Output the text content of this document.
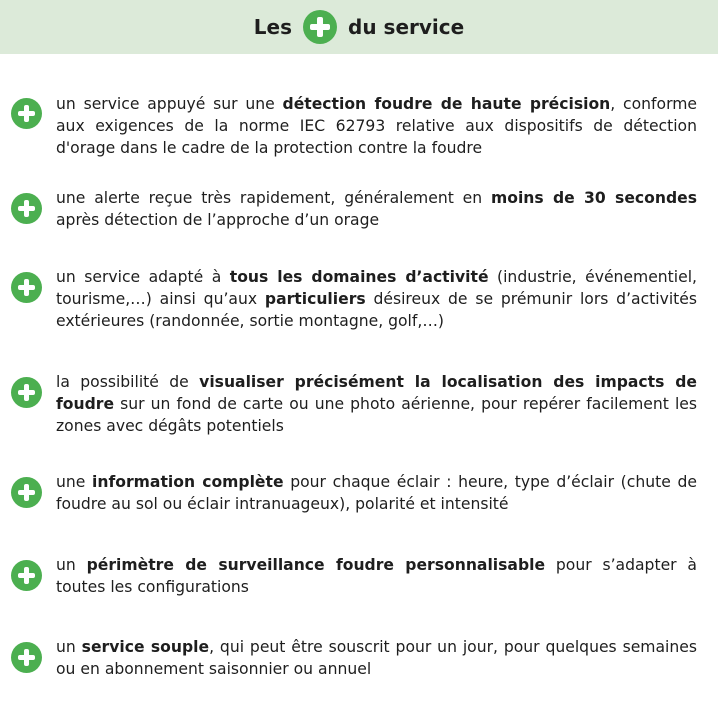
Les	du service
un service appuyé sur une détection foudre de haute précision, conforme aux exigences de la norme IEC 62793 relative aux dispositifs de détection d'orage dans le cadre de la protection contre la foudre
une alerte reçue très rapidement, généralement en moins de 30 secondes après détection de l’approche d’un orage
un service adapté à tous les domaines d’activité (industrie, événementiel, tourisme,…) ainsi qu’aux particuliers désireux de se prémunir lors d’activités extérieures (randonnée, sortie montagne, golf,…)
la possibilité de visualiser précisément la localisation des impacts de foudre sur un fond de carte ou une photo aérienne, pour repérer facilement les zones avec dégâts potentiels
une information complète pour chaque éclair : heure, type d’éclair (chute de foudre au sol ou éclair intranuageux), polarité et intensité
un périmètre de surveillance foudre personnalisable pour s’adapter à toutes les configurations
un service souple, qui peut être souscrit pour un jour, pour quelques semaines ou en abonnement saisonnier ou annuel
